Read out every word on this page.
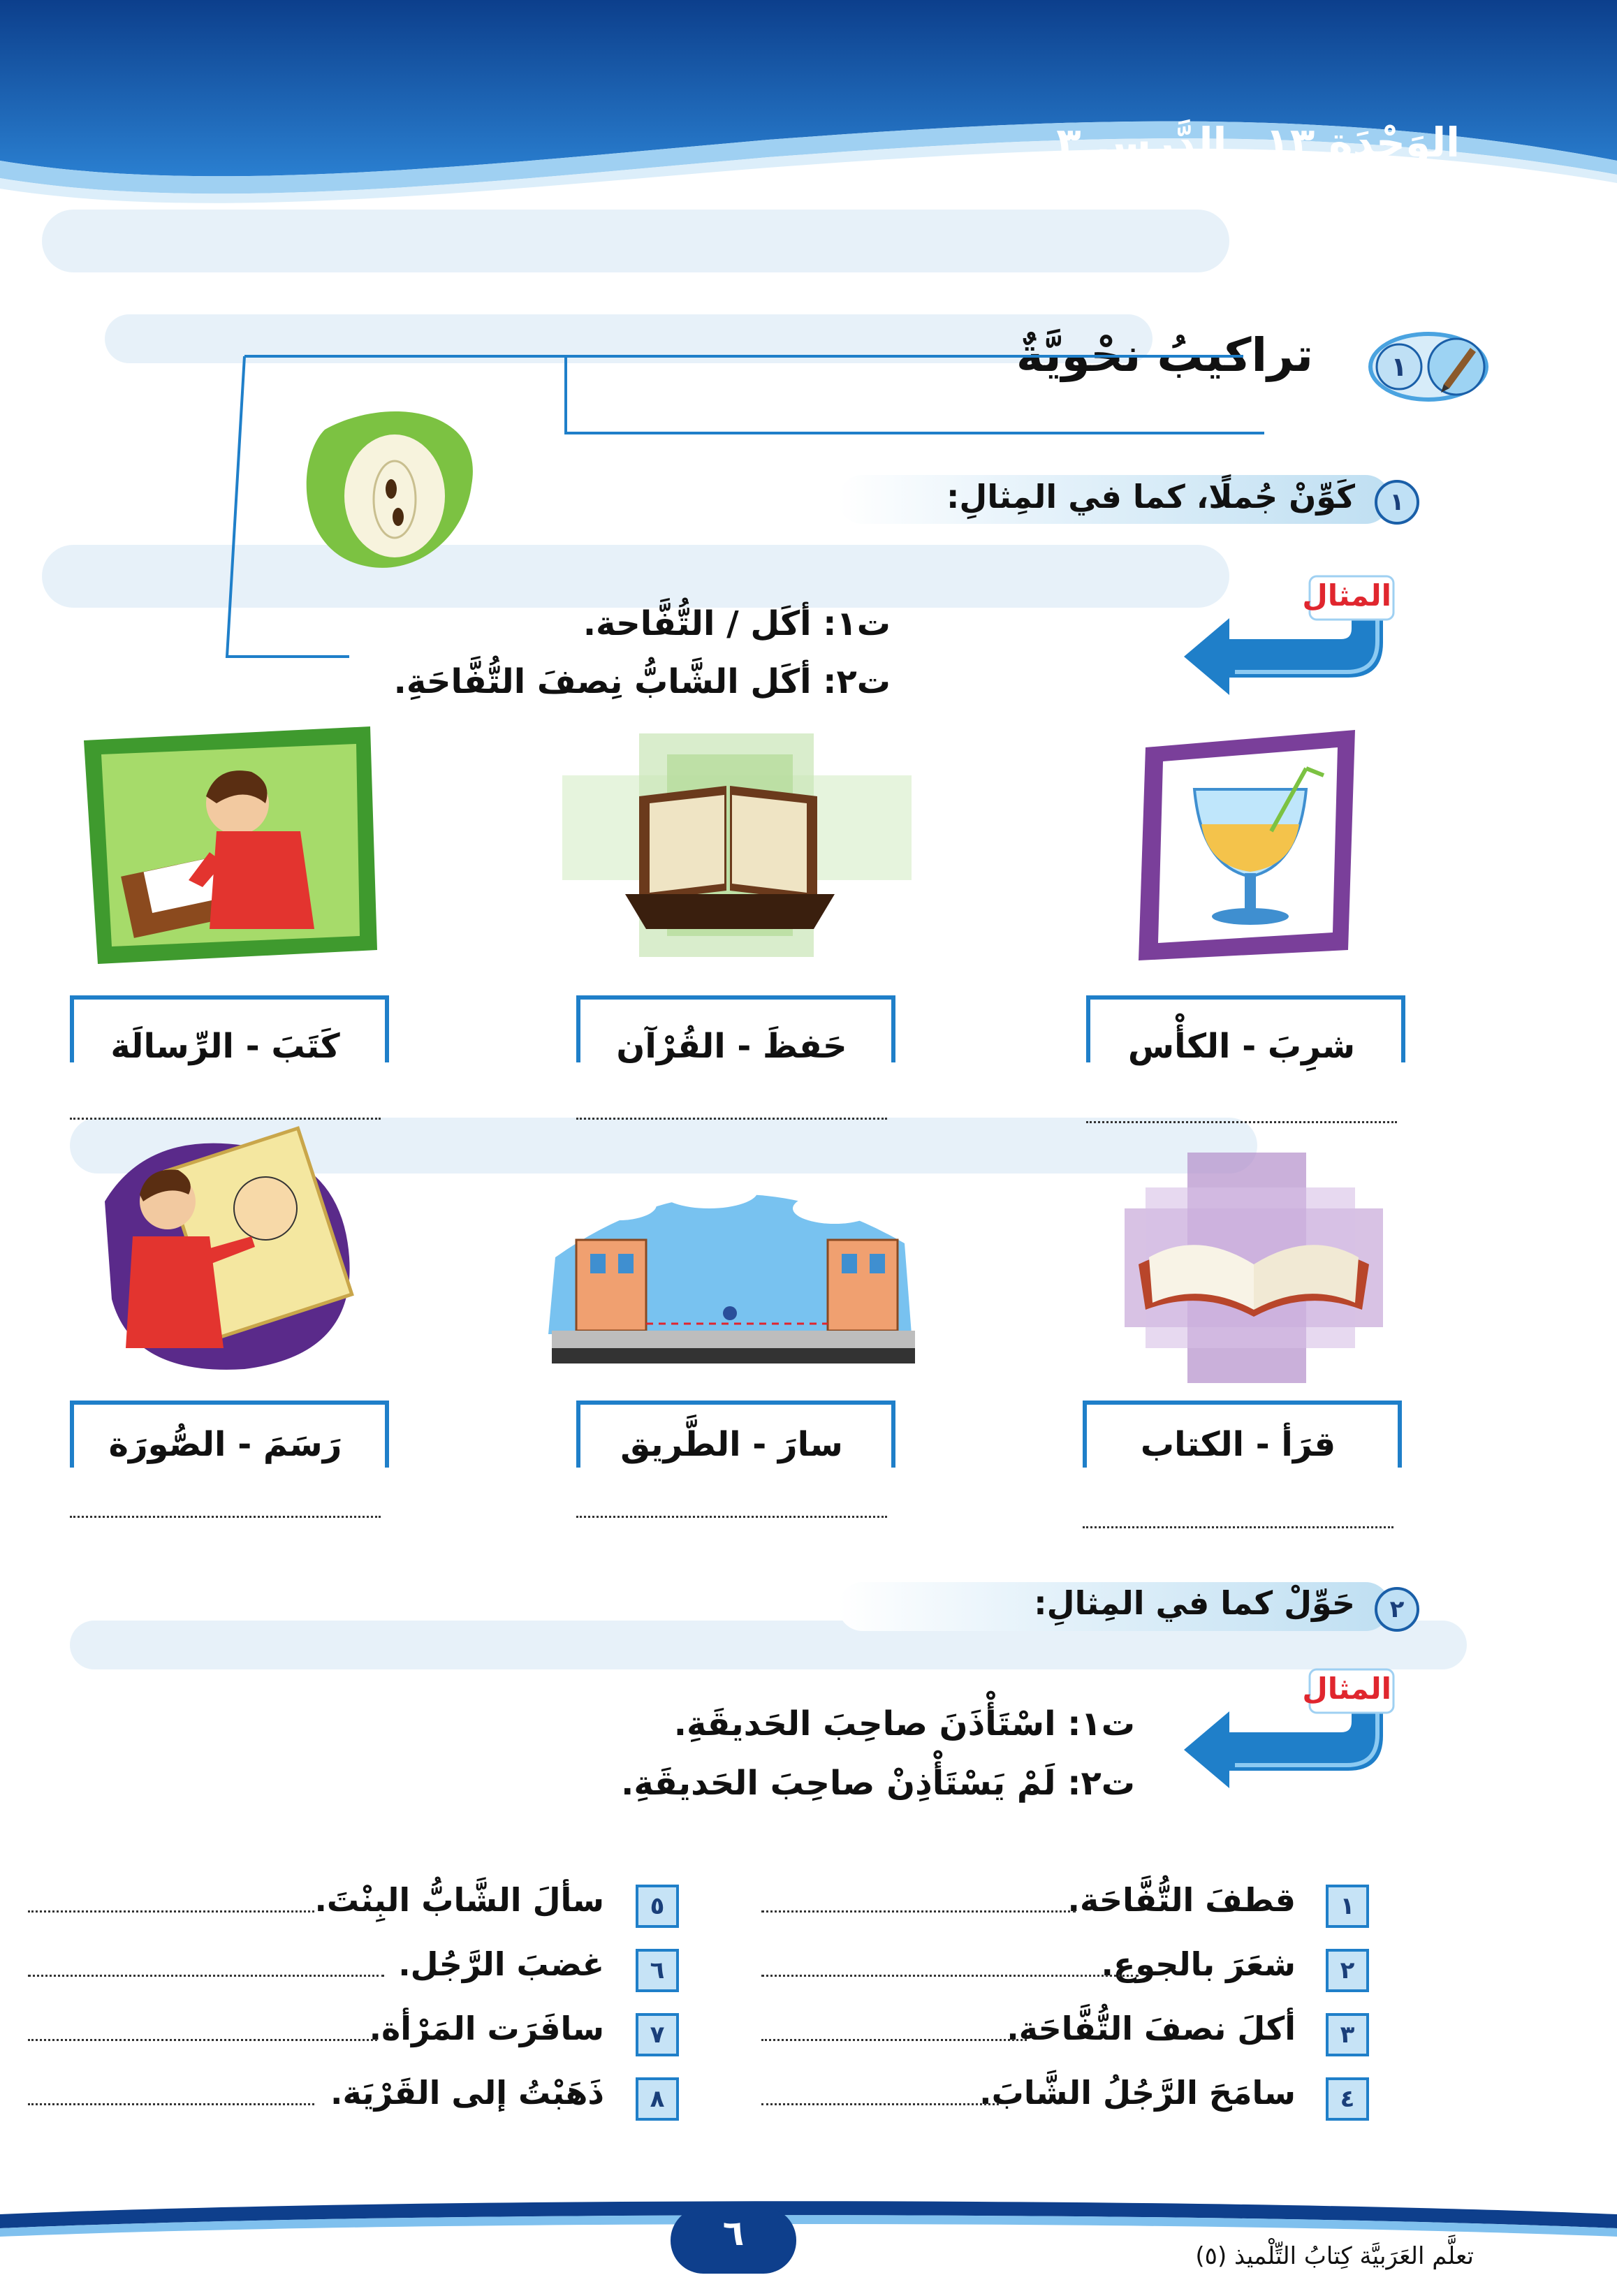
الوَحْدَة ١٣الدَّرس ٣
١
تراكيبُ نحْويَّةٌ
١
كَوِّنْ جُملًا، كما في المِثالِ:
المثال
ت١: أكَل / التُّفَّاحة.
ت٢: أكَل الشَّابُّ نِصفَ التُّفَّاحَةِ.
شرِبَ - الكأْس
حَفظَ - القُرْآن
كَتَبَ - الرِّسالَة
قرَأ - الكتاب
سارَ - الطَّريق
رَسَمَ - الصُّورَة
٢
حَوِّلْ كما في المِثالِ:
المثال
ت١: اسْتَأْذَنَ صاحِبَ الحَديقَةِ.
ت٢: لَمْ يَسْتَأْذِنْ صاحِبَ الحَديقَةِ.
١
قطفَ التُّفَّاحَة.
٢
شعَرَ بالجوع.
٣
أكلَ نصفَ التُّفَّاحَة.
٤
سامَحَ الرَّجُلُ الشَّابَ.
٥
سألَ الشَّابُّ البِنْتَ.
٦
غضبَ الرَّجُل.
٧
سافَرَت المَرْأة.
٨
ذَهَبْتُ إلى القَرْيَة.
٦
تعلَّم العَرَبيَّة كِتابُ التِّلْميذ (٥)
